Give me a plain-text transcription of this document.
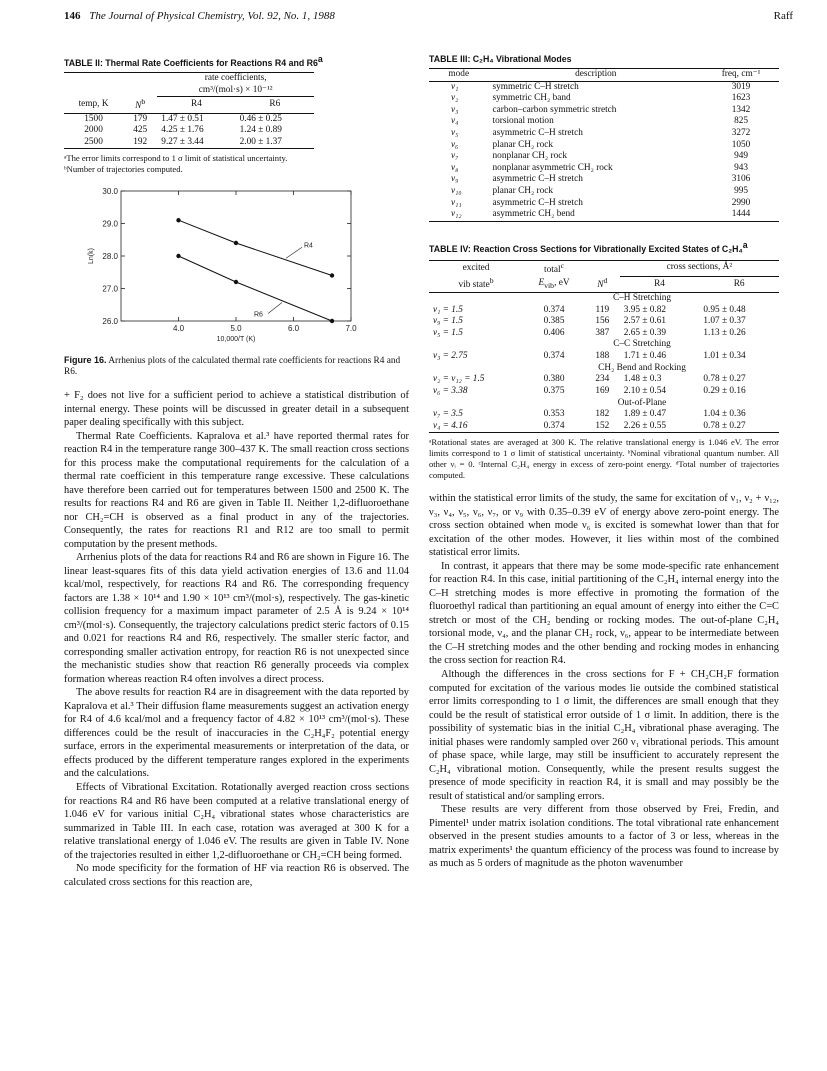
146 The Journal of Physical Chemistry, Vol. 92, No. 1, 1988	Raff
TABLE II: Thermal Rate Coefficients for Reactions R4 and R6$^a$
		rate coefficients,	
		cm³/(mol·s) × 10⁻¹²	
temp, K	$N^b$	R4	R6
1500	179	1.47 ± 0.51	0.46 ± 0.25
2000	425	4.25 ± 1.76	1.24 ± 0.89
2500	192	9.27 ± 3.44	2.00 ± 1.37
ᵃThe error limits correspond to 1 σ limit of statistical uncertainty.
ᵇNumber of trajectories computed.
26.0
27.0
28.0
29.0
30.0
4.0	5.0	6.0	7.0
10,000/T (K)
Ln(k)
R4
R6
Figure 16. Arrhenius plots of the calculated thermal rate coefficients for reactions R4 and R6.

+ F₂ does not live for a sufficient period to achieve a statistical distribution of internal energy. These points will be discussed in greater detail in a subsequent paper dealing specifically with this subject.

Thermal Rate Coefficients. Kapralova et al.³ have reported thermal rates for reaction R4 in the temperature range 300–437 K. The small reaction cross sections for this process make the computational requirements for the calculation of a thermal rate coefficient in this temperature range excessive. These calculations have therefore been carried out for temperatures between 1500 and 2500 K. The results for reactions R4 and R6 are given in Table II. Neither 1,2-difluoroethane nor CH₂=CH is observed as a final product in any of the trajectories. Consequently, the rates for reactions R1 and R12 are too small to permit computation by the present methods.

Arrhenius plots of the data for reactions R4 and R6 are shown in Figure 16. The linear least-squares fits of this data yield activation energies of 13.6 and 11.04 kcal/mol, respectively, for reactions R4 and R6. The corresponding frequency factors are 1.38 × 10¹⁴ and 1.90 × 10¹³ cm³/(mol·s), respectively. The gas-kinetic collision frequency for a maximum impact parameter of 2.5 Å is 9.24 × 10¹⁴ cm³/(mol·s). Consequently, the trajectory calculations predict steric factors of 0.15 and 0.021 for reactions R4 and R6, respectively. The smaller steric factor, and corresponding smaller activation entropy, for reaction R6 is not unexpected since the mechanistic studies show that reaction R6 generally proceeds via complex formation whereas reaction R4 often involves a direct process.

The above results for reaction R4 are in disagreement with the data reported by Kapralova et al.³ Their diffusion flame measurements suggest an activation energy for R4 of 4.6 kcal/mol and a frequency factor of 4.82 × 10¹³ cm³/(mol·s). These differences could be the result of inaccuracies in the C₂H₄F₂ potential energy surface, errors in the experimental measurements or interpretation of the data, or effects produced by the different temperature ranges explored in the experiments and the calculations.

Effects of Vibrational Excitation. Rotationally averged reaction cross sections for reactions R4 and R6 have been computed at a relative translational energy of 1.046 eV for various initial C₂H₄ vibrational states whose characteristics are summarized in Table III. In each case, rotation was averaged at 300 K for a relative translational energy of 1.046 eV. The results are given in Table IV. None of the trajectories resulted in either 1,2-difluoroethane or CH₂=CH being formed.

No mode specificity for the formation of HF via reaction R6 is observed. The calculated cross sections for this reaction are,

TABLE III: C₂H₄ Vibrational Modes
mode	description	freq, cm⁻¹
ν₁	symmetric C–H stretch	3019
ν₂	symmetric CH₂ band	1623
ν₃	carbon–carbon symmetric stretch	1342
ν₄	torsional motion	825
ν₅	asymmetric C–H stretch	3272
ν₆	planar CH₂ rock	1050
ν₇	nonplanar CH₂ rock	949
ν₈	nonplanar asymmetric CH₂ rock	943
ν₉	asymmetric C–H stretch	3106
ν₁₀	planar CH₂ rock	995
ν₁₁	asymmetric C–H stretch	2990
ν₁₂	asymmetric CH₂ bend	1444
TABLE IV: Reaction Cross Sections for Vibrationally Excited States of C₂H₄$^a$
excited	total$^c$		cross sections, Å²	
vib state$^b$	$E_{vib}$, eV	$N^d$	R4	R6
C–H Stretching				
ν₁ = 1.5	0.374	119	3.95 ± 0.82	0.95 ± 0.48
ν₉ = 1.5	0.385	156	2.57 ± 0.61	1.07 ± 0.37
ν₅ = 1.5	0.406	387	2.65 ± 0.39	1.13 ± 0.26
C–C Stretching				
ν₃ = 2.75	0.374	188	1.71 ± 0.46	1.01 ± 0.34
CH₂ Bend and Rocking				
ν₂ = ν₁₂ = 1.5	0.380	234	1.48 ± 0.3	0.78 ± 0.27
ν₆ = 3.38	0.375	169	2.10 ± 0.54	0.29 ± 0.16
Out-of-Plane				
ν₇ = 3.5	0.353	182	1.89 ± 0.47	1.04 ± 0.36
ν₄ = 4.16	0.374	152	2.26 ± 0.55	0.78 ± 0.27
ᵃRotational states are averaged at 300 K. The relative translational energy is 1.046 eV. The error limits correspond to 1 σ limit of statistical uncertainty. ᵇNominal vibrational quantum number. All other νᵢ = 0. ᶜInternal C₂H₄ energy in excess of zero-point energy. ᵈTotal number of trajectories computed.

within the statistical error limits of the study, the same for excitation of ν₁, ν₂ + ν₁₂, ν₃, ν₄, ν₅, ν₆, ν₇, or ν₉ with 0.35–0.39 eV of energy above zero-point energy. The cross section obtained when mode ν₆ is excited is somewhat lower than that for excitation of the other modes. However, it lies within most of the combined statistical error limits.

In contrast, it appears that there may be some mode-specific rate enhancement for reaction R4. In this case, initial partitioning of the C₂H₄ internal energy into the C–H stretching modes is more effective in promoting the formation of the fluoroethyl radical than partitioning an equal amount of energy into either the C=C stretch or most of the CH₂ bending or rocking modes. The out-of-plane C₂H₄ torsional mode, ν₄, and the planar CH₂ rock, ν₆, appear to be intermediate between the C–H stretching modes and the other bending and rocking modes in enhancing the cross section for reaction R4.

Although the differences in the cross sections for F + CH₂CH₂F formation computed for excitation of the various modes lie outside the combined statistical error limits corresponding to 1 σ limit, the differences are small enough that they could be the result of statistical error outside of 1 σ limit. In addition, there is the possibility of systematic bias in the initial C₂H₄ vibrational phase averaging. The initial phases were randomly sampled over 260 ν₁ vibrational periods. This amount of phase space, while large, may still be insufficient to accurately represent the C₂H₄ vibrational motion. Consequently, while the present results suggest the presence of mode specificity in reaction R4, it is small and may possibly be the result of statistical and/or sampling errors.

These results are very different from those observed by Frei, Fredin, and Pimentel¹ under matrix isolation conditions. The total vibrational rate enhancement observed in the present studies amounts to a factor of 3 or less, whereas in the matrix experiments¹ the quantum efficiency of the process was found to increase by as much as 5 orders of magnitude as the photon wavenumber
